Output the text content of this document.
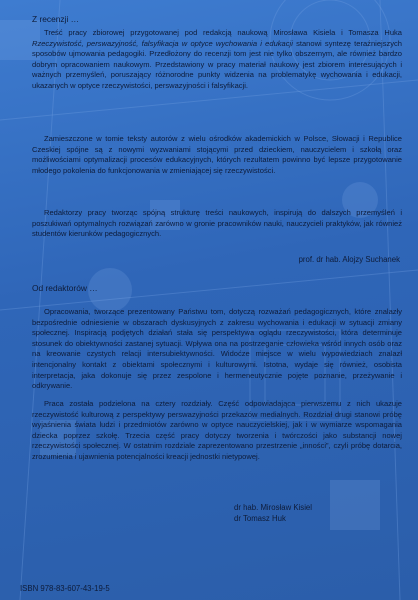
Z recenzji …

Treść pracy zbiorowej przygotowanej pod redakcją naukową Mirosława Kisiela i Tomasza Huka Rzeczywistość, perswazyjność, falsyfikacja w optyce wychowania i edukacji stanowi syntezę teraźniejszych sposobów ujmowania pedagogiki. Przedłożony do recenzji tom jest nie tylko obszernym, ale również bardzo dobrym opracowaniem naukowym. Przedstawiony w pracy materiał naukowy jest zbiorem interesujących i ważnych przemyśleń, poruszający różnorodne punkty widzenia na problematykę wychowania i edukacji, ukazanych w optyce rzeczywistości, perswazyjności i falsyfikacji.

Zamieszczone w tomie teksty autorów z wielu ośrodków akademickich w Polsce, Słowacji i Republice Czeskiej spójne są z nowymi wyzwaniami stojącymi przed dzieckiem, nauczycielem i szkołą oraz możliwościami optymalizacji procesów edukacyjnych, których rezultatem powinno być lepsze przygotowanie młodego pokolenia do funkcjonowania w zmieniającej się rzeczywistości.

Redaktorzy pracy tworząc spójną strukturę treści naukowych, inspirują do dalszych przemyśleń i poszukiwań optymalnych rozwiązań zarówno w gronie pracowników nauki, nauczycieli praktyków, jak również studentów kierunków pedagogicznych.

prof. dr hab. Alojzy Suchanek
Od redaktorów …

Opracowania, tworzące prezentowany Państwu tom, dotyczą rozważań pedagogicznych, które znalazły bezpośrednie odniesienie w obszarach dyskusyjnych z zakresu wychowania i edukacji w sytuacji zmiany społecznej. Inspiracją podjętych działań stała się perspektywa oglądu rzeczywistości, która determinuje stosunek do obiektywności zastanej sytuacji. Wpływa ona na postrzeganie człowieka wśród innych osób oraz na kreowanie czystych relacji intersubiektywności. Widoćze miejsce w wielu wypowiedziach znalazł intencjonalny kontakt z obiektami społecznymi i kulturowymi. Istotna, wydaje się również, osobista interpretacja, jaka dokonuje się przez zespolone i hermeneutycznie pojęte poznanie, przeżywanie i odkrywanie.

Praca została podzielona na cztery rozdziały. Część odpowiadająca pierwszemu z nich ukazuje rzeczywistość kulturową z perspektywy perswazyjności przekazów medialnych. Rozdział drugi stanowi próbę wyjaśnienia świata ludzi i przedmiotów zarówno w optyce nauczycielskiej, jak i w wymiarze wspomagania dziecka poprzez szkołę. Trzecia część pracy dotyczy tworzenia i twórczości jako substancji nowej rzeczywistości społecznej. W ostatnim rozdziale zaprezentowano przestrzenie „inności”, czyli próbę dotarcia, zrozumienia i ujawnienia potencjalności kreacji jednostki nietypowej.

dr hab. Mirosław Kisiel
dr Tomasz Huk
ISBN 978-83-607-43-19-5
